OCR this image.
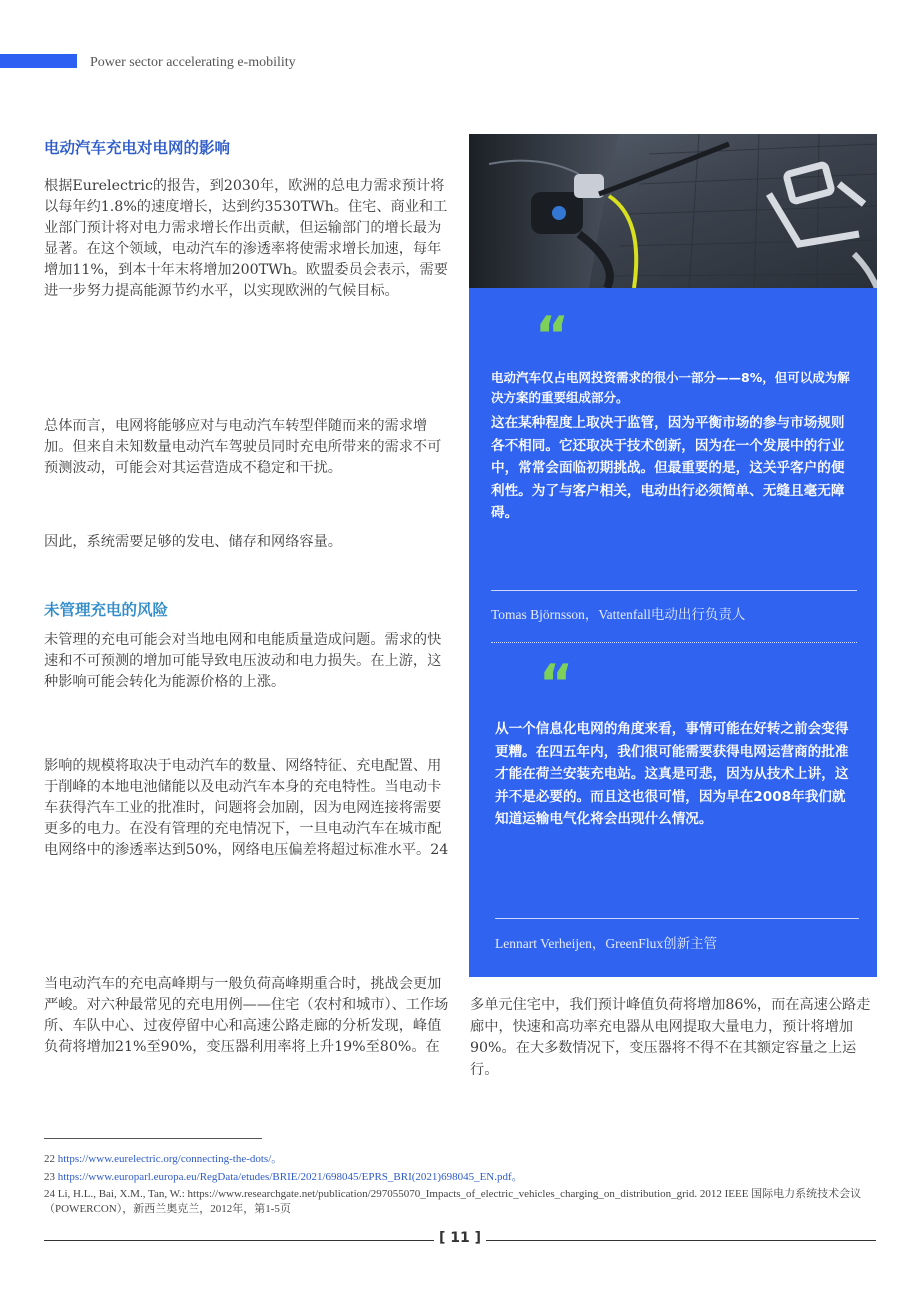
Power sector accelerating e-mobility
电动汽车充电对电网的影响

根据Eurelectric的报告，到2030年，欧洲的总电力需求预计将以每年约1.8%的速度增长，达到约3530TWh。住宅、商业和工业部门预计将对电力需求增长作出贡献，但运输部门的增长最为显著。在这个领域，电动汽车的渗透率将使需求增长加速，每年增加11%，到本十年末将增加200TWh。欧盟委员会表示，需要进一步努力提高能源节约水平，以实现欧洲的气候目标。

总体而言，电网将能够应对与电动汽车转型伴随而来的需求增加。但来自未知数量电动汽车驾驶员同时充电所带来的需求不可预测波动，可能会对其运营造成不稳定和干扰。

因此，系统需要足够的发电、储存和网络容量。

未管理充电的风险

未管理的充电可能会对当地电网和电能质量造成问题。需求的快速和不可预测的增加可能导致电压波动和电力损失。在上游，这种影响可能会转化为能源价格的上涨。

影响的规模将取决于电动汽车的数量、网络特征、充电配置、用于削峰的本地电池储能以及电动汽车本身的充电特性。当电动卡车获得汽车工业的批准时，问题将会加剧，因为电网连接将需要更多的电力。在没有管理的充电情况下，一旦电动汽车在城市配电网络中的渗透率达到50%，网络电压偏差将超过标准水平。24

当电动汽车的充电高峰期与一般负荷高峰期重合时，挑战会更加严峻。对六种最常见的充电用例——住宅（农村和城市）、工作场所、车队中心、过夜停留中心和高速公路走廊的分析发现，峰值负荷将增加21%至90%，变压器利用率将上升19%至80%。在

“
电动汽车仅占电网投资需求的很小一部分——8%，但可以成为解决方案的重要组成部分。
这在某种程度上取决于监管，因为平衡市场的参与市场规则各不相同。它还取决于技术创新，因为在一个发展中的行业中，常常会面临初期挑战。但最重要的是，这关乎客户的便利性。为了与客户相关，电动出行必须简单、无缝且毫无障碍。
Tomas Björnsson，Vattenfall电动出行负责人
“
从一个信息化电网的角度来看，事情可能在好转之前会变得更糟。在四五年内，我们很可能需要获得电网运营商的批准才能在荷兰安装充电站。这真是可悲，因为从技术上讲，这并不是必要的。而且这也很可惜，因为早在2008年我们就知道运输电气化将会出现什么情况。
Lennart Verheijen，GreenFlux创新主管
多单元住宅中，我们预计峰值负荷将增加86%，而在高速公路走廊中，快速和高功率充电器从电网提取大量电力，预计将增加90%。在大多数情况下，变压器将不得不在其额定容量之上运行。
22 https://www.eurelectric.org/connecting-the-dots/。
23 https://www.europarl.europa.eu/RegData/etudes/BRIE/2021/698045/EPRS_BRI(2021)698045_EN.pdf。
24 Li, H.L., Bai, X.M., Tan, W.: https://www.researchgate.net/publication/297055070_Impacts_of_electric_vehicles_charging_on_distribution_grid. 2012 IEEE 国际电力系统技术会议（POWERCON），新西兰奥克兰，2012年，第1-5页
[ 11 ]
